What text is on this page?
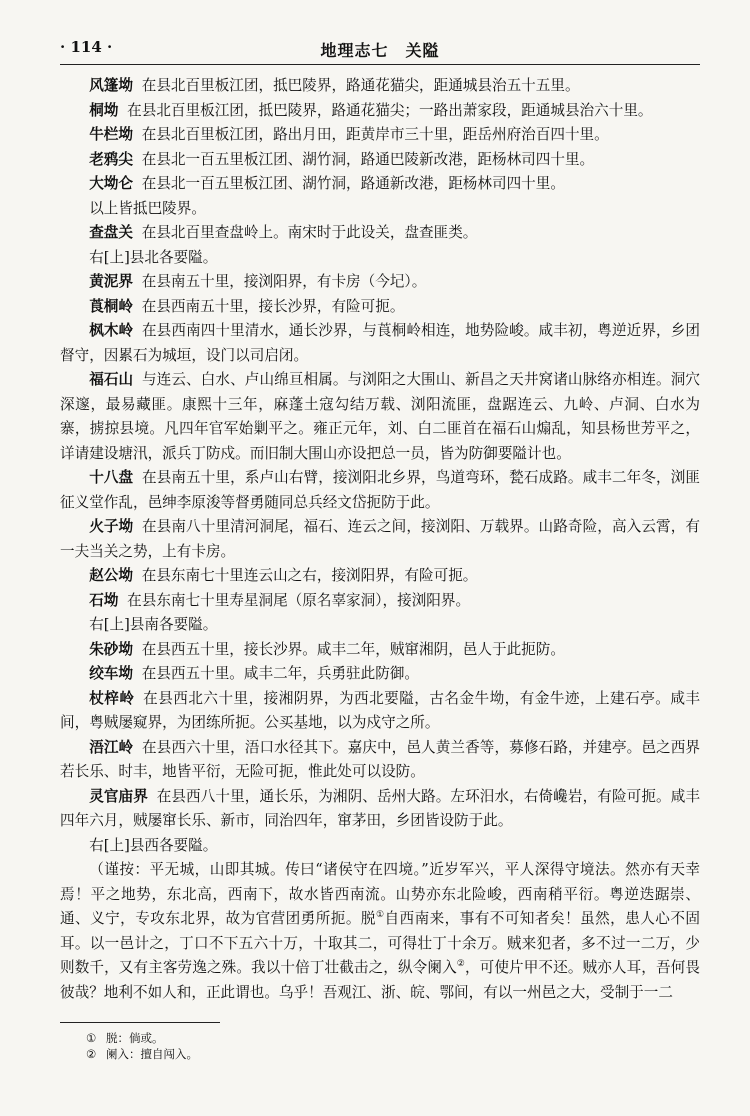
· 114 ·	地理志七　关隘

风篷坳 在县北百里板江团，抵巴陵界，路通花猫尖，距通城县治五十五里。

桐坳 在县北百里板江团，抵巴陵界，路通花猫尖；一路出萧家段，距通城县治六十里。

牛栏坳 在县北百里板江团，路出月田，距黄岸市三十里，距岳州府治百四十里。

老鸦尖 在县北一百五里板江团、湖竹洞，路通巴陵新改港，距杨林司四十里。

大坳仑 在县北一百五里板江团、湖竹洞，路通新改港，距杨林司四十里。

以上皆抵巴陵界。

查盘关 在县北百里查盘岭上。南宋时于此设关，盘查匪类。

右[上]县北各要隘。

黄泥界 在县南五十里，接浏阳界，有卡房（今圮）。

莨桐岭 在县西南五十里，接长沙界，有险可扼。

枫木岭 在县西南四十里清水，通长沙界，与莨桐岭相连，地势险峻。咸丰初，粤逆近界，乡团督守，因累石为城垣，设门以司启闭。

福石山 与连云、白水、卢山绵亘相属。与浏阳之大围山、新昌之天井窝诸山脉络亦相连。洞穴深邃，最易藏匪。康熙十三年，麻蓬土寇勾结万载、浏阳流匪，盘踞连云、九岭、卢洞、白水为寨，掳掠县境。凡四年官军始剿平之。雍正元年，刘、白二匪首在福石山煽乱，知县杨世芳平之，详请建设塘汛，派兵丁防戍。而旧制大围山亦设把总一员，皆为防御要隘计也。

十八盘 在县南五十里，系卢山右臂，接浏阳北乡界，鸟道弯环，甃石成路。咸丰二年冬，浏匪征义堂作乱，邑绅李原浚等督勇随同总兵经文岱扼防于此。

火子坳 在县南八十里清河洞尾，福石、连云之间，接浏阳、万载界。山路奇险，高入云霄，有一夫当关之势，上有卡房。

赵公坳 在县东南七十里连云山之右，接浏阳界，有险可扼。

石坳 在县东南七十里寿星洞尾（原名辜家洞），接浏阳界。

右[上]县南各要隘。

朱砂坳 在县西五十里，接长沙界。咸丰二年，贼窜湘阴，邑人于此扼防。

绞车坳 在县西五十里。咸丰二年，兵勇驻此防御。

杖梓岭 在县西北六十里，接湘阴界，为西北要隘，古名金牛坳，有金牛迹，上建石亭。咸丰间，粤贼屡窥界，为团练所扼。公买基地，以为戍守之所。

浯江岭 在县西六十里，浯口水径其下。嘉庆中，邑人黄兰香等，募修石路，并建亭。邑之西界若长乐、时丰，地皆平衍，无险可扼，惟此处可以设防。

灵官庙界 在县西八十里，通长乐，为湘阴、岳州大路。左环汨水，右倚巉岩，有险可扼。咸丰四年六月，贼屡窜长乐、新市，同治四年，窜茅田，乡团皆设防于此。

右[上]县西各要隘。

（谨按：平无城，山即其城。传曰“诸侯守在四境。”近岁军兴，平人深得守境法。然亦有天幸焉！平之地势，东北高，西南下，故水皆西南流。山势亦东北险峻，西南稍平衍。粤逆迭踞崇、通、义宁，专攻东北界，故为官营团勇所扼。脱①自西南来，事有不可知者矣！虽然，患人心不固耳。以一邑计之，丁口不下五六十万，十取其二，可得壮丁十余万。贼来犯者，多不过一二万，少则数千，又有主客劳逸之殊。我以十倍丁壮截击之，纵令阑入②，可使片甲不还。贼亦人耳，吾何畏彼哉？地利不如人和，正此谓也。乌乎！吾观江、浙、皖、鄂间，有以一州邑之大，受制于一二

① 脱：倘或。
② 阑入：擅自闯入。
